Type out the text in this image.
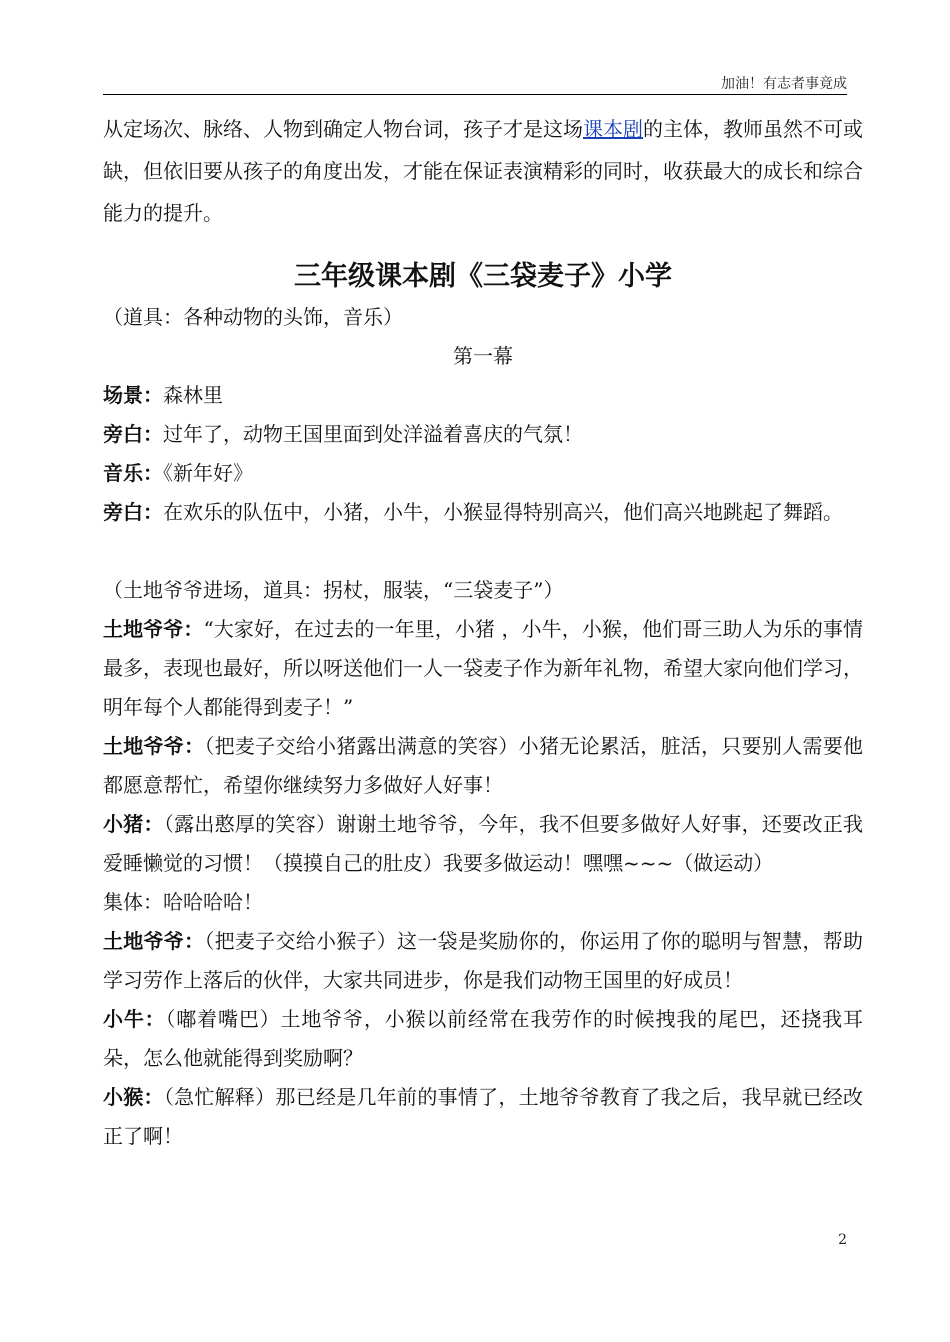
加油！有志者事竟成

从定场次、脉络、人物到确定人物台词，孩子才是这场课本剧的主体，教师虽然不可或缺，但依旧要从孩子的角度出发，才能在保证表演精彩的同时，收获最大的成长和综合能力的提升。

三年级课本剧《三袋麦子》小学

（道具：各种动物的头饰，音乐）

第一幕

场景：森林里

旁白：过年了，动物王国里面到处洋溢着喜庆的气氛！

音乐：《新年好》

旁白：在欢乐的队伍中，小猪，小牛，小猴显得特别高兴，他们高兴地跳起了舞蹈。

（土地爷爷进场，道具：拐杖，服装，“三袋麦子”）

土地爷爷：“大家好，在过去的一年里，小猪 ，小牛，小猴，他们哥三助人为乐的事情最多，表现也最好，所以呀送他们一人一袋麦子作为新年礼物，希望大家向他们学习，明年每个人都能得到麦子！”

土地爷爷：（把麦子交给小猪露出满意的笑容）小猪无论累活，脏活，只要别人需要他都愿意帮忙，希望你继续努力多做好人好事！

小猪：（露出憨厚的笑容）谢谢土地爷爷，今年，我不但要多做好人好事，还要改正我爱睡懒觉的习惯！（摸摸自己的肚皮）我要多做运动！嘿嘿~~~（做运动）

集体：哈哈哈哈！

土地爷爷：（把麦子交给小猴子）这一袋是奖励你的，你运用了你的聪明与智慧，帮助学习劳作上落后的伙伴，大家共同进步，你是我们动物王国里的好成员！

小牛：（嘟着嘴巴）土地爷爷，小猴以前经常在我劳作的时候拽我的尾巴，还挠我耳朵，怎么他就能得到奖励啊？

小猴：（急忙解释）那已经是几年前的事情了，土地爷爷教育了我之后，我早就已经改正了啊！

2
